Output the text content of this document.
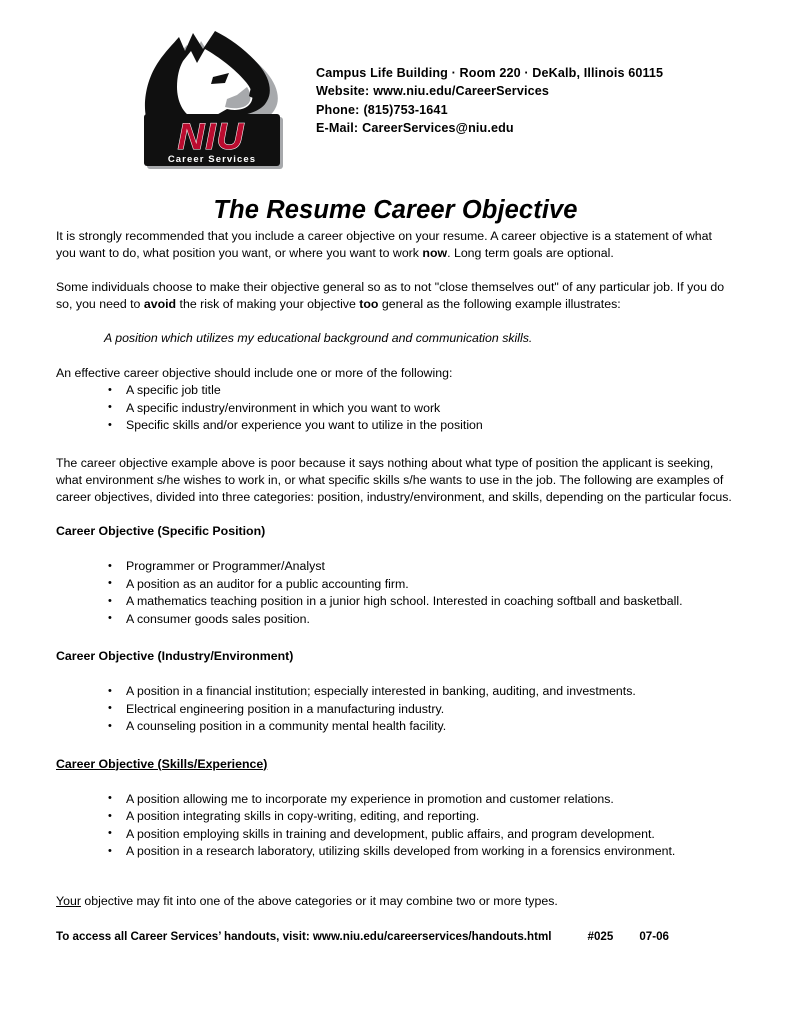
NIU
Career Services
Campus Life Building · Room 220 · DeKalb, Illinois 60115
Website: www.niu.edu/CareerServices
Phone: (815)753-1641
E-Mail: CareerServices@niu.edu
The Resume Career Objective

It is strongly recommended that you include a career objective on your resume. A career objective is a statement of what you want to do, what position you want, or where you want to work now. Long term goals are optional.

Some individuals choose to make their objective general so as to not "close themselves out" of any particular job. If you do so, you need to avoid the risk of making your objective too general as the following example illustrates:

A position which utilizes my educational background and communication skills.

An effective career objective should include one or more of the following:

• A specific job title
• A specific industry/environment in which you want to work
• Specific skills and/or experience you want to utilize in the position

The career objective example above is poor because it says nothing about what type of position the applicant is seeking, what environment s/he wishes to work in, or what specific skills s/he wants to use in the job. The following are examples of career objectives, divided into three categories: position, industry/environment, and skills, depending on the particular focus.

Career Objective (Specific Position)
• Programmer or Programmer/Analyst
• A position as an auditor for a public accounting firm.
• A mathematics teaching position in a junior high school. Interested in coaching softball and basketball.
• A consumer goods sales position.
Career Objective (Industry/Environment)
• A position in a financial institution; especially interested in banking, auditing, and investments.
• Electrical engineering position in a manufacturing industry.
• A counseling position in a community mental health facility.
Career Objective (Skills/Experience)
• A position allowing me to incorporate my experience in promotion and customer relations.
• A position integrating skills in copy-writing, editing, and reporting.
• A position employing skills in training and development, public affairs, and program development.
• A position in a research laboratory, utilizing skills developed from working in a forensics environment.

Your objective may fit into one of the above categories or it may combine two or more types.

To access all Career Services’ handouts, visit: www.niu.edu/careerservices/handouts.html	#025 07-06
